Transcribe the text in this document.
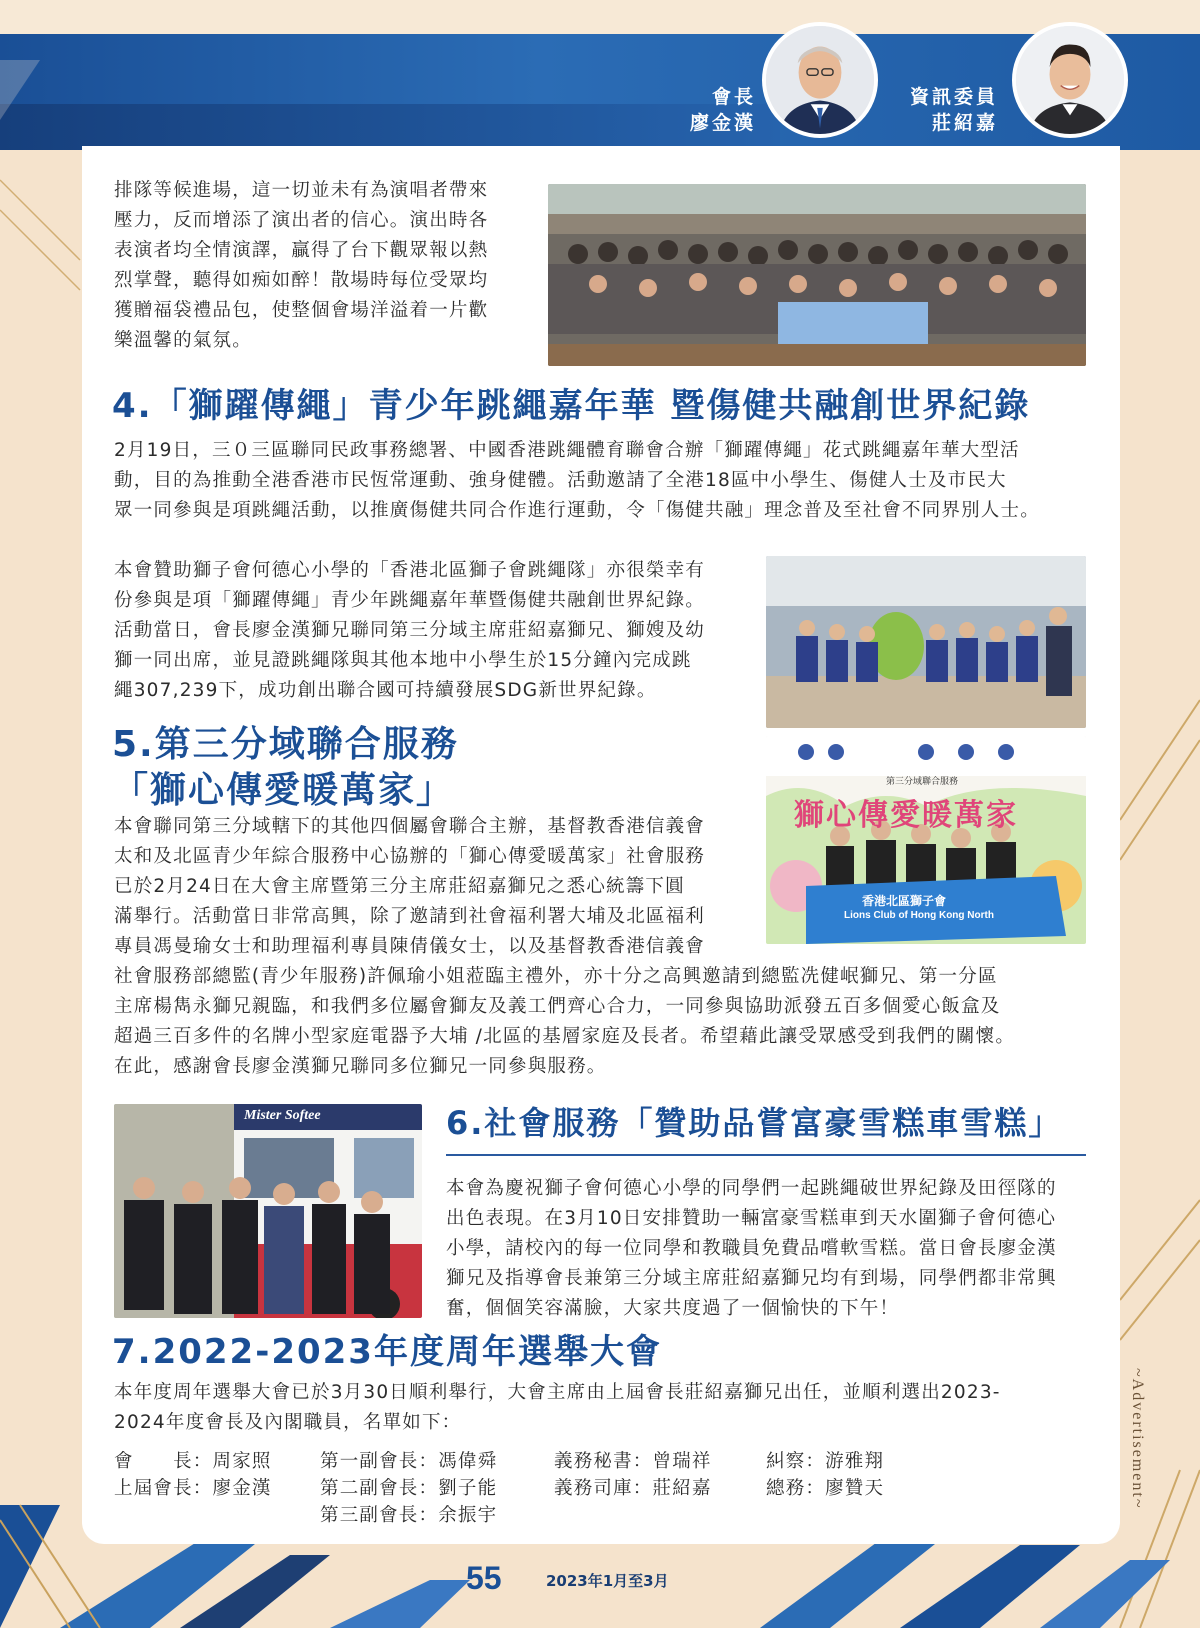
會長
廖金漢
資訊委員
莊紹嘉
排隊等候進場，這一切並未有為演唱者帶來
壓力，反而增添了演出者的信心。演出時各
表演者均全情演譯，贏得了台下觀眾報以熱
烈掌聲，聽得如痴如醉！散場時每位受眾均
獲贈福袋禮品包，使整個會場洋溢着一片歡
樂溫馨的氣氛。
4.「獅躍傳繩」青少年跳繩嘉年華 暨傷健共融創世界紀錄
2月19日，三０三區聯同民政事務總署、中國香港跳繩體育聯會合辦「獅躍傳繩」花式跳繩嘉年華大型活
動，目的為推動全港香港市民恆常運動、強身健體。活動邀請了全港18區中小學生、傷健人士及市民大
眾一同參與是項跳繩活動，以推廣傷健共同合作進行運動，令「傷健共融」理念普及至社會不同界別人士。
本會贊助獅子會何德心小學的「香港北區獅子會跳繩隊」亦很榮幸有
份參與是項「獅躍傳繩」青少年跳繩嘉年華暨傷健共融創世界紀錄。
活動當日，會長廖金漢獅兄聯同第三分域主席莊紹嘉獅兄、獅嫂及幼
獅一同出席，並見證跳繩隊與其他本地中小學生於15分鐘內完成跳
繩307,239下，成功創出聯合國可持續發展SDG新世界紀錄。
5.第三分域聯合服務
「獅心傳愛暖萬家」
本會聯同第三分域轄下的其他四個屬會聯合主辦，基督教香港信義會
太和及北區青少年綜合服務中心協辦的「獅心傳愛暖萬家」社會服務
已於2月24日在大會主席暨第三分主席莊紹嘉獅兄之悉心統籌下圓
滿舉行。活動當日非常高興，除了邀請到社會福利署大埔及北區福利
專員馮曼瑜女士和助理福利專員陳倩儀女士，以及基督教香港信義會
社會服務部總監(青少年服務)許佩瑜小姐蒞臨主禮外，亦十分之高興邀請到總監冼健岷獅兄、第一分區
主席楊雋永獅兄親臨，和我們多位屬會獅友及義工們齊心合力，一同參與協助派發五百多個愛心飯盒及
超過三百多件的名牌小型家庭電器予大埔 /北區的基層家庭及長者。希望藉此讓受眾感受到我們的關懷。
在此，感謝會長廖金漢獅兄聯同多位獅兄一同參與服務。
第三分域聯合服務
獅心傳愛暖萬家
香港北區獅子會
Lions Club of Hong Kong North
Mister Softee	6.社會服務「贊助品嘗富豪雪糕車雪糕」
本會為慶祝獅子會何德心小學的同學們一起跳繩破世界紀錄及田徑隊的
出色表現。在3月10日安排贊助一輛富豪雪糕車到天水圍獅子會何德心
小學，請校內的每一位同學和教職員免費品嚐軟雪糕。當日會長廖金漢
獅兄及指導會長兼第三分域主席莊紹嘉獅兄均有到場，同學們都非常興
奮，個個笑容滿臉，大家共度過了一個愉快的下午！
7.2022-2023年度周年選舉大會
本年度周年選舉大會已於3月30日順利舉行，大會主席由上屆會長莊紹嘉獅兄出任，並順利選出2023-
2024年度會長及內閣職員，名單如下：
會　　長：周家照
上屆會長：廖金漢
第一副會長：馮偉舜
第二副會長：劉子能
第三副會長：余振宇
義務秘書：曾瑞祥
義務司庫：莊紹嘉
糾察：游雅翔
總務：廖贊天
55	2023年1月至3月
~Advertisement~
